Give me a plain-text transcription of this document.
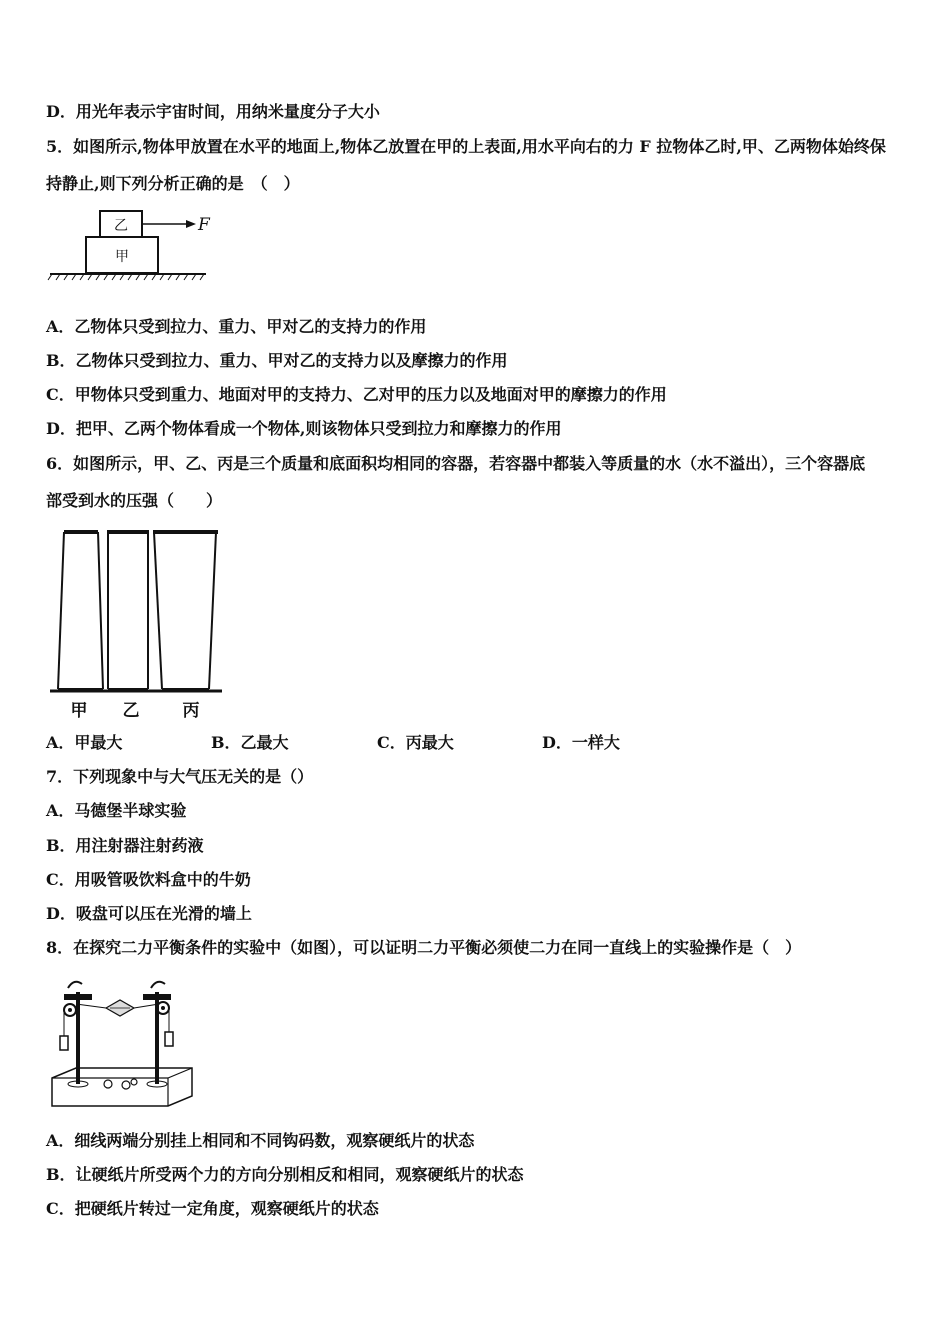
D．用光年表示宇宙时间，用纳米量度分子大小
5．如图所示,物体甲放置在水平的地面上,物体乙放置在甲的上表面,用水平向右的力 F 拉物体乙时,甲、乙两物体始终保
持静止,则下列分析正确的是　（　）
乙
甲
F
A．乙物体只受到拉力、重力、甲对乙的支持力的作用
B．乙物体只受到拉力、重力、甲对乙的支持力以及摩擦力的作用
C．甲物体只受到重力、地面对甲的支持力、乙对甲的压力以及地面对甲的摩擦力的作用
D．把甲、乙两个物体看成一个物体,则该物体只受到拉力和摩擦力的作用
6．如图所示，甲、乙、丙是三个质量和底面积均相同的容器，若容器中都装入等质量的水（水不溢出），三个容器底
部受到水的压强（　　）
甲 乙	丙
A．甲最大	B．乙最大	C．丙最大	D．一样大
7．下列现象中与大气压无关的是（）
A．马德堡半球实验
B．用注射器注射药液
C．用吸管吸饮料盒中的牛奶
D．吸盘可以压在光滑的墙上
8．在探究二力平衡条件的实验中（如图），可以证明二力平衡必须使二力在同一直线上的实验操作是（　）
A．细线两端分别挂上相同和不同钩码数，观察硬纸片的状态
B．让硬纸片所受两个力的方向分别相反和相同，观察硬纸片的状态
C．把硬纸片转过一定角度，观察硬纸片的状态
